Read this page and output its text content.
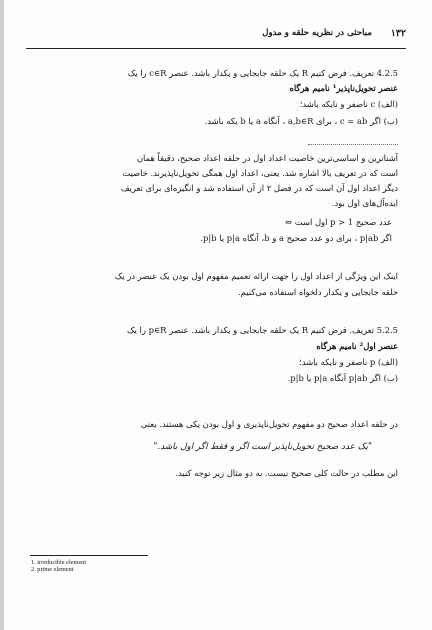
۱۳۲
مباحثی در نظریه حلقه و مدول
4.2.5 تعریف. فرض کنیم R یک حلقه جابجایی و یکدار باشد. عنصر c∈R را یک
عنصر تحویل‌ناپذیر¹ نامیم هرگاه
(الف) c ناصفر و نایکه باشد؛
(ب) اگر c = ab ، برای a,b∈R ، آنگاه a یا b یکه باشد.
آشناترین و اساسی‌ترین خاصیت اعداد اول در حلقه اعداد صحیح، دقیقاً همان
است که در تعریف بالا اشاره شد. یعنی، اعداد اول همگی تحویل‌ناپذیرند. خاصیت
دیگر اعداد اول آن است که در فصل ۲ از آن استفاده شد و انگیزه‌ای برای تعریف
ایده‌آل‌های اول بود.
عدد صحیح p > 1 اول است ⇔
اگر p|ab ، برای دو عدد صحیح a و b، آنگاه p|a یا p|b.
اینک این ویژگی از اعداد اول را جهت ارائه تعمیم مفهوم اول بودن یک عنصر در یک
حلقه جابجایی و یکدار دلخواه استفاده می‌کنیم.
5.2.5 تعریف. فرض کنیم R یک حلقه جابجایی و یکدار باشد. عنصر p∈R را یک
عنصر اول² نامیم هرگاه
(الف) p ناصفر و نایکه باشد؛
(ب) اگر p|ab آنگاه p|a یا p|b.
در حلقه اعداد صحیح دو مفهوم تحویل‌ناپذیری و اول بودن یکی هستند. یعنی
"یک عدد صحیح تحویل‌ناپذیر است اگر و فقط اگر اول باشد."
این مطلب در حالت کلی صحیح نیست. به دو مثال زیر توجه کنید.
1. irreducible element
2. prime element
